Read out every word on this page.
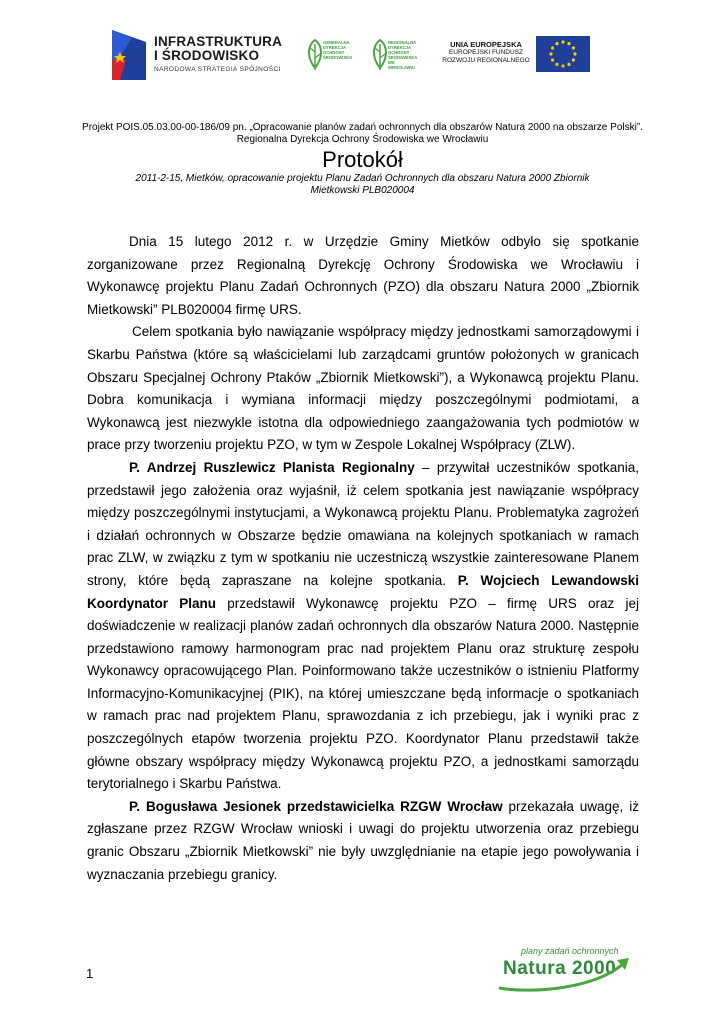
INFRASTRUKTURA
I ŚRODOWISKO
NARODOWA STRATEGIA SPÓJNOŚCI
GENERALNA
DYREKCJA
OCHRONY
ŚRODOWISKA
REGIONALNA
DYREKCJA
OCHRONY
ŚRODOWISKA
WE WROCŁAWIU
UNIA EUROPEJSKA
EUROPEJSKI FUNDUSZ
ROZWOJU REGIONALNEGO
Projekt POIS.05.03.00-00-186/09 pn. „Opracowanie planów zadań ochronnych dla obszarów Natura 2000 na obszarze Polski”.
Regionalna Dyrekcja Ochrony Środowiska we Wrocławiu
Protokół
2011-2-15, Mietków, opracowanie projektu Planu Zadań Ochronnych dla obszaru Natura 2000 Zbiornik
Mietkowski PLB020004

Dnia 15 lutego 2012 r. w Urzędzie Gminy Mietków odbyło się spotkanie zorganizowane przez Regionalną Dyrekcję Ochrony Środowiska we Wrocławiu i Wykonawcę projektu Planu Zadań Ochronnych (PZO) dla obszaru Natura 2000 „Zbiornik Mietkowski” PLB020004 firmę URS.

Celem spotkania było nawiązanie współpracy między jednostkami samorządowymi i Skarbu Państwa (które są właścicielami lub zarządcami gruntów położonych w granicach Obszaru Specjalnej Ochrony Ptaków „Zbiornik Mietkowski”), a Wykonawcą projektu Planu. Dobra komunikacja i wymiana informacji między poszczególnymi podmiotami, a Wykonawcą jest niezwykle istotna dla odpowiedniego zaangażowania tych podmiotów w prace przy tworzeniu projektu PZO, w tym w Zespole Lokalnej Współpracy (ZLW).

P. Andrzej Ruszlewicz Planista Regionalny – przywitał uczestników spotkania, przedstawił jego założenia oraz wyjaśnił, iż celem spotkania jest nawiązanie współpracy między poszczególnymi instytucjami, a Wykonawcą projektu Planu. Problematyka zagrożeń i działań ochronnych w Obszarze będzie omawiana na kolejnych spotkaniach w ramach prac ZLW, w związku z tym w spotkaniu nie uczestniczą wszystkie zainteresowane Planem strony, które będą zapraszane na kolejne spotkania. P. Wojciech Lewandowski Koordynator Planu przedstawił Wykonawcę projektu PZO – firmę URS oraz jej doświadczenie w realizacji planów zadań ochronnych dla obszarów Natura 2000. Następnie przedstawiono ramowy harmonogram prac nad projektem Planu oraz strukturę zespołu Wykonawcy opracowującego Plan. Poinformowano także uczestników o istnieniu Platformy Informacyjno-Komunikacyjnej (PIK), na której umieszczane będą informacje o spotkaniach w ramach prac nad projektem Planu, sprawozdania z ich przebiegu, jak i wyniki prac z poszczególnych etapów tworzenia projektu PZO. Koordynator Planu przedstawił także główne obszary współpracy między Wykonawcą projektu PZO, a jednostkami samorządu terytorialnego i Skarbu Państwa.

P. Bogusława Jesionek przedstawicielka RZGW Wrocław przekazała uwagę, iż zgłaszane przez RZGW Wrocław wnioski i uwagi do projektu utworzenia oraz przebiegu granic Obszaru „Zbiornik Mietkowski” nie były uwzględnianie na etapie jego powoływania i wyznaczania przebiegu granicy.

1
plany zadań ochronnych
Natura 2000
